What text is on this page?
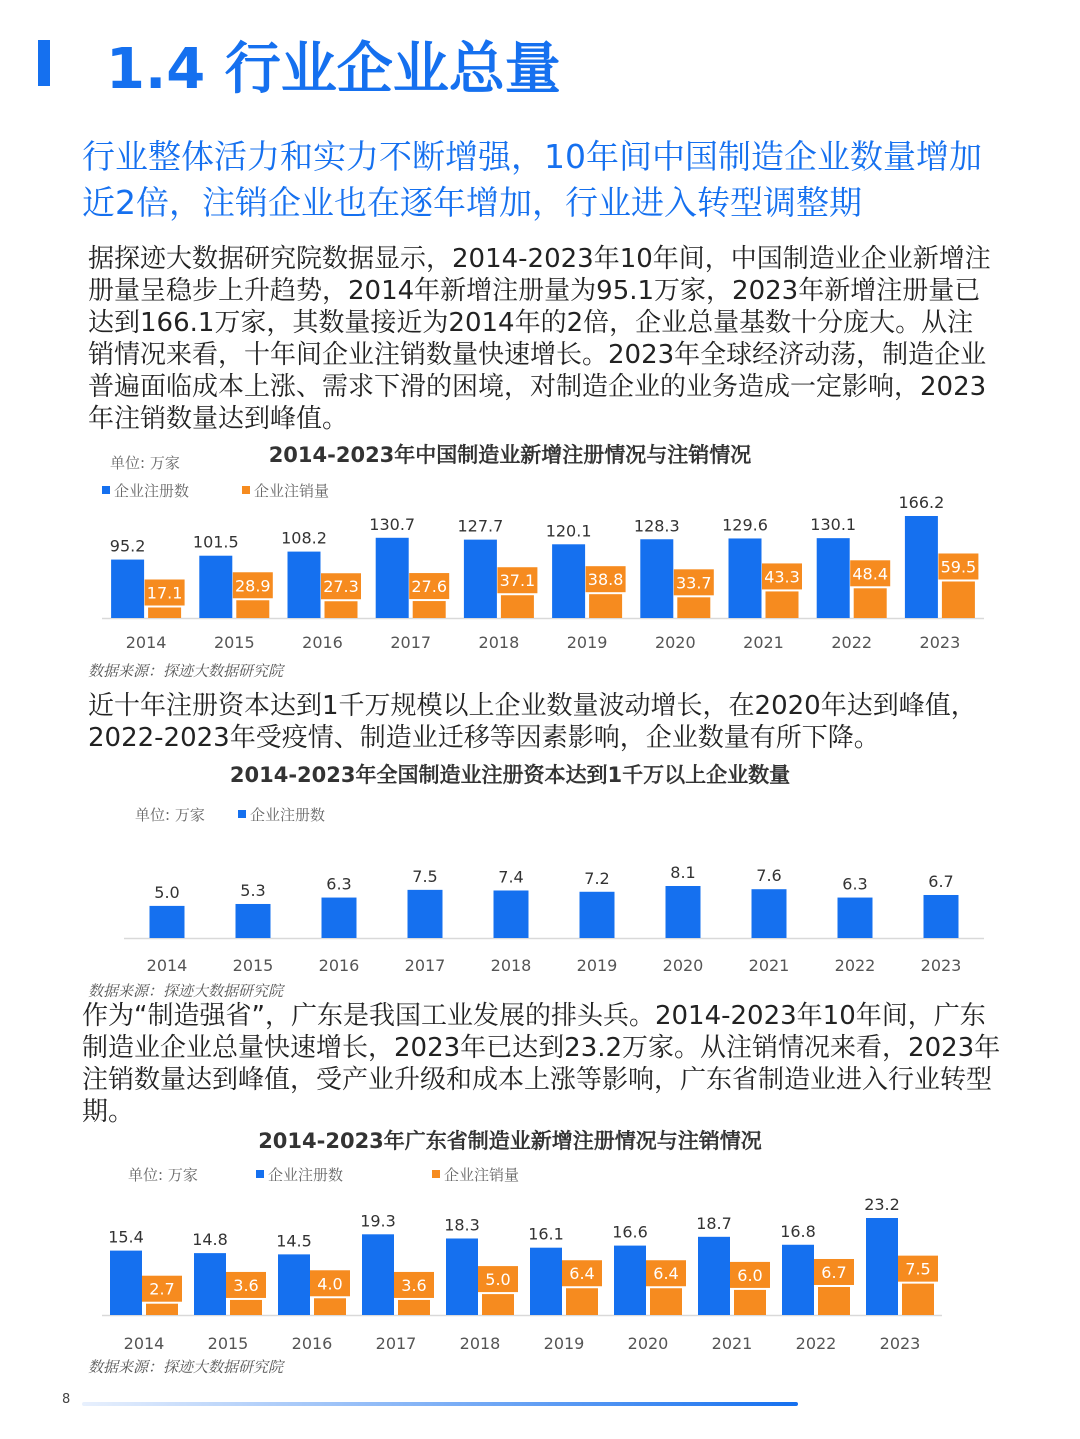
1.4 行业企业总量
行业整体活力和实力不断增强，10年间中国制造企业数量增加近2倍，注销企业也在逐年增加，行业进入转型调整期
据探迹大数据研究院数据显示，2014-2023年10年间，中国制造业企业新增注册量呈稳步上升趋势，2014年新增注册量为95.1万家，2023年新增注册量已达到166.1万家，其数量接近为2014年的2倍，企业总量基数十分庞大。从注销情况来看，十年间企业注销数量快速增长。2023年全球经济动荡，制造企业普遍面临成本上涨、需求下滑的困境，对制造企业的业务造成一定影响，2023年注销数量达到峰值。
2014-2023年中国制造业新增注册情况与注销情况
单位: 万家
企业注册数	企业注销量
2014
95.2
17.1
2015
101.5
28.9
2016
108.2
27.3
2017
130.7
27.6
2018
127.7
37.1
2019
120.1
38.8
2020
128.3
33.7
2021
129.6
43.3
2022
130.1
48.4
2023
166.2
59.5
数据来源：探迹大数据研究院
近十年注册资本达到1千万规模以上企业数量波动增长，在2020年达到峰值，2022-2023年受疫情、制造业迁移等因素影响，企业数量有所下降。
2014-2023年全国制造业注册资本达到1千万以上企业数量
单位: 万家	企业注册数
2014
5.0
2015
5.3
2016
6.3
2017
7.5
2018
7.4
2019
7.2
2020
8.1
2021
7.6
2022
6.3
2023
6.7
数据来源：探迹大数据研究院
作为“制造强省”，广东是我国工业发展的排头兵。2014-2023年10年间，广东制造业企业总量快速增长，2023年已达到23.2万家。从注销情况来看，2023年注销数量达到峰值，受产业升级和成本上涨等影响，广东省制造业进入行业转型期。
2014-2023年广东省制造业新增注册情况与注销情况
单位: 万家	企业注册数	企业注销量
2014
15.4
2.7
2015
14.8
3.6
2016
14.5
4.0
2017
19.3
3.6
2018
18.3
5.0
2019
16.1
6.4
2020
16.6
6.4
2021
18.7
6.0
2022
16.8
6.7
2023
23.2
7.5
数据来源：探迹大数据研究院
8
